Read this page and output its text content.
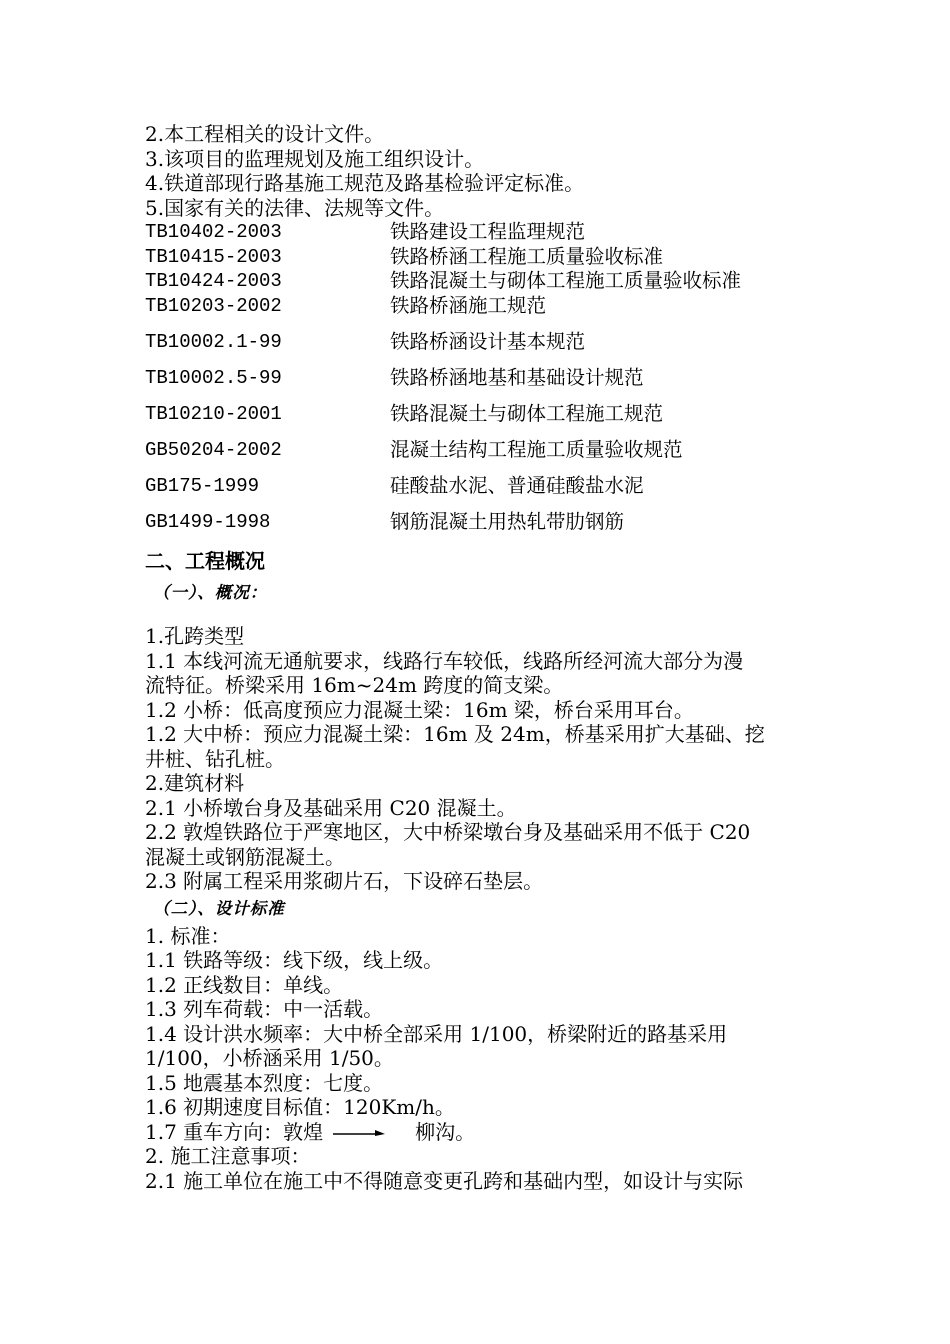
2.本工程相关的设计文件。
3.该项目的监理规划及施工组织设计。
4.铁道部现行路基施工规范及路基检验评定标准。
5.国家有关的法律、法规等文件。
TB10402-2003	铁路建设工程监理规范
TB10415-2003	铁路桥涵工程施工质量验收标准
TB10424-2003	铁路混凝土与砌体工程施工质量验收标准
TB10203-2002	铁路桥涵施工规范
TB10002.1-99	铁路桥涵设计基本规范
TB10002.5-99	铁路桥涵地基和基础设计规范
TB10210-2001	铁路混凝土与砌体工程施工规范
GB50204-2002	混凝土结构工程施工质量验收规范
GB175-1999	硅酸盐水泥、普通硅酸盐水泥
GB1499-1998	钢筋混凝土用热轧带肋钢筋
二、工程概况
（一）、概况：
1.孔跨类型
1.1 本线河流无通航要求，线路行车较低，线路所经河流大部分为漫
流特征。桥梁采用 16m~24m 跨度的简支梁。
1.2 小桥：低高度预应力混凝土梁：16m 梁，桥台采用耳台。
1.2 大中桥：预应力混凝土梁：16m 及 24m，桥基采用扩大基础、挖
井桩、钻孔桩。
2.建筑材料
2.1 小桥墩台身及基础采用 C20 混凝土。
2.2 敦煌铁路位于严寒地区，大中桥梁墩台身及基础采用不低于 C20
混凝土或钢筋混凝土。
2.3 附属工程采用浆砌片石，下设碎石垫层。
（二）、设计标准
1. 标准：
1.1 铁路等级：线下级，线上级。
1.2 正线数目：单线。
1.3 列车荷载：中一活载。
1.4 设计洪水频率：大中桥全部采用 1/100，桥梁附近的路基采用
1/100，小桥涵采用 1/50。
1.5 地震基本烈度：七度。
1.6 初期速度目标值：120Km/h。
1.7 重车方向：敦煌	柳沟。
2. 施工注意事项：
2.1 施工单位在施工中不得随意变更孔跨和基础内型，如设计与实际
